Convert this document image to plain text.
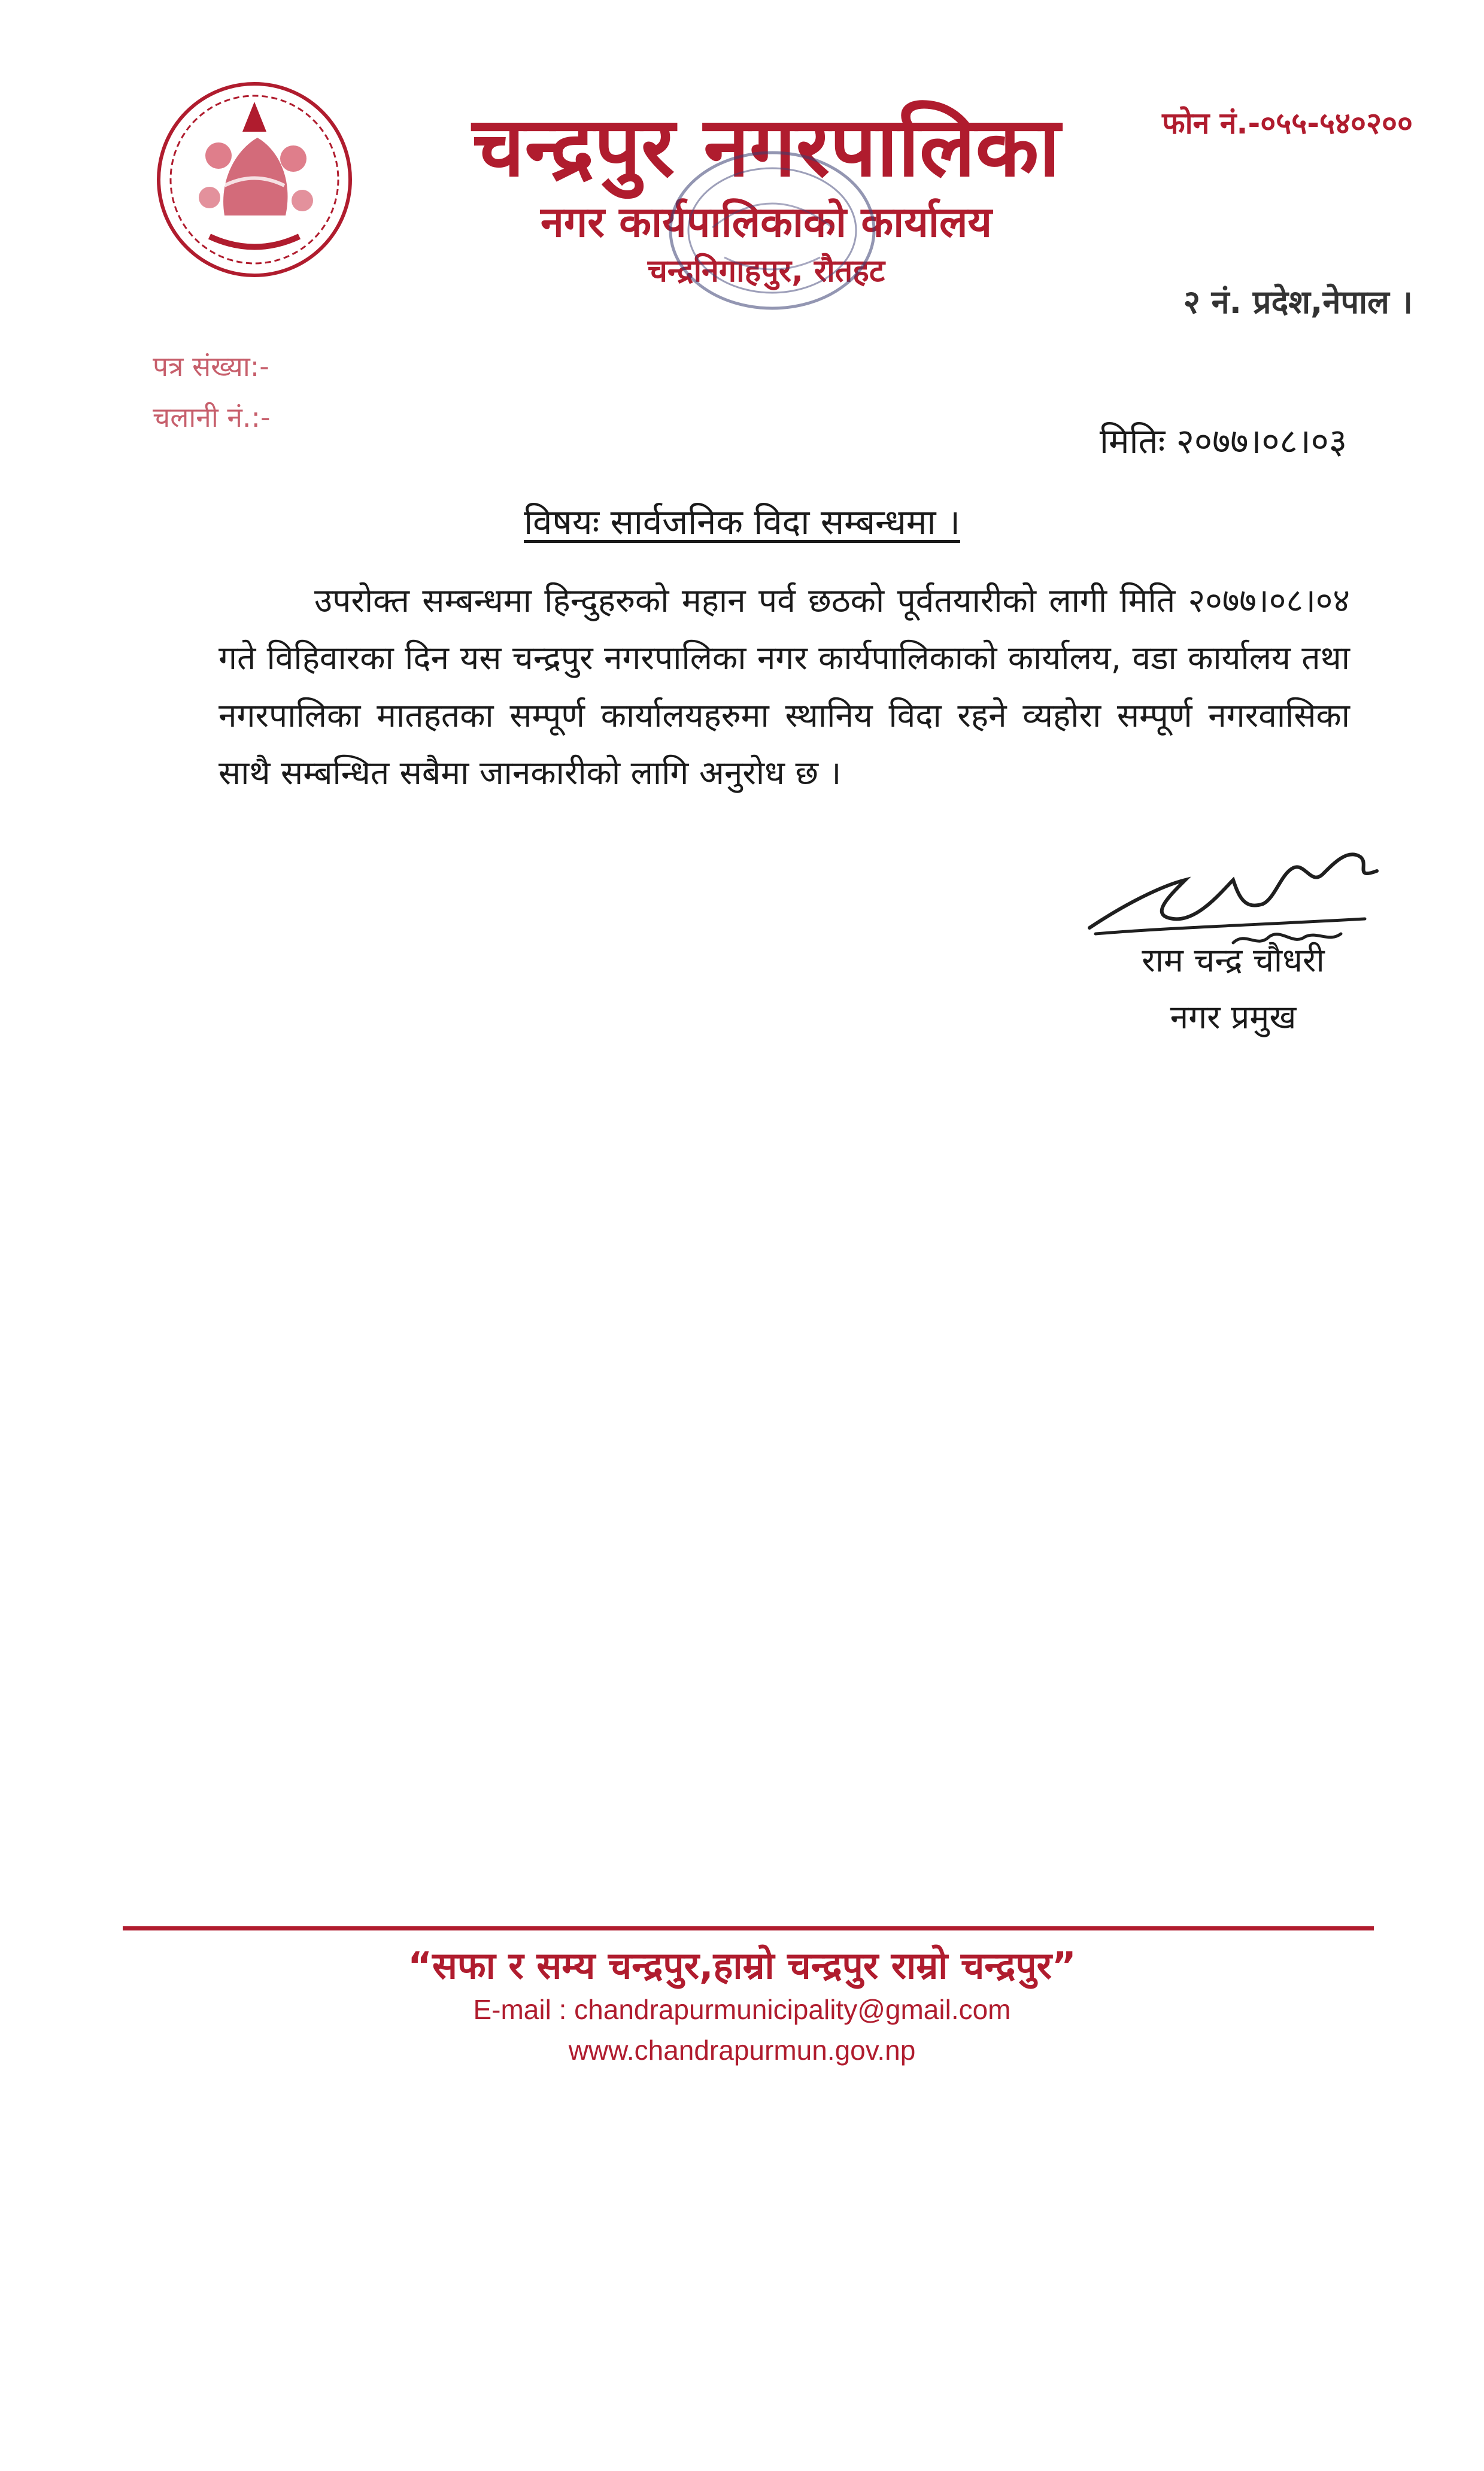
चन्द्रपुर नगरपालिका
नगर कार्यपालिकाको कार्यालय
चन्द्रनिगाहपुर, रौतहट
फोन नं.-०५५-५४०२००
२ नं. प्रदेश,नेपाल ।
पत्र संख्या:-
चलानी नं.:-
मितिः २०७७।०८।०३
विषयः सार्वजनिक विदा सम्बन्धमा ।
उपरोक्त सम्बन्धमा हिन्दुहरुको महान पर्व छठको पूर्वतयारीको लागी मिति २०७७।०८।०४ गते विहिवारका दिन यस चन्द्रपुर नगरपालिका नगर कार्यपालिकाको कार्यालय, वडा कार्यालय तथा नगरपालिका मातहतका सम्पूर्ण कार्यालयहरुमा स्थानिय विदा रहने व्यहोरा सम्पूर्ण नगरवासिका साथै सम्बन्धित सबैमा जानकारीको लागि अनुरोध छ ।
राम चन्द्र चौधरी
नगर प्रमुख
“सफा र सम्य चन्द्रपुर,हाम्रो चन्द्रपुर राम्रो चन्द्रपुर”
E-mail : chandrapurmunicipality@gmail.com
www.chandrapurmun.gov.np
